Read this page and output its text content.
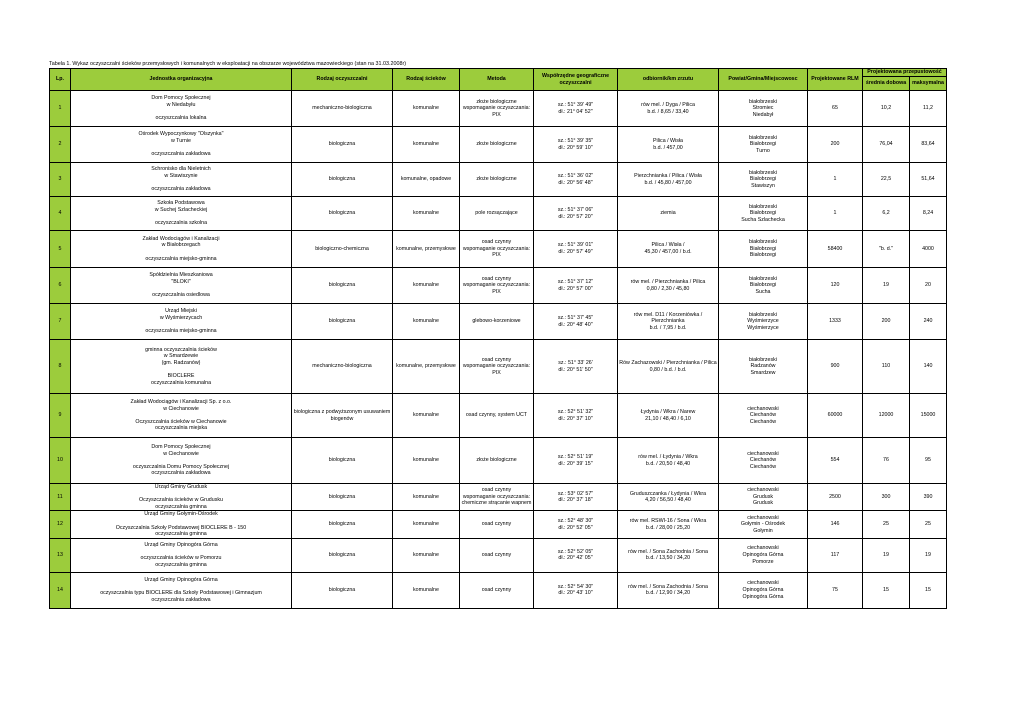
Tabela 1. Wykaz oczyszczalni ścieków przemysłowych i komunalnych w eksploatacji na obszarze województwa mazowieckiego (stan na 31.03.2008r)
Lp.	Jednostka organizacyjna	Rodzaj oczyszczalni	Rodzaj ścieków	Metoda	Współrzędne geograficzne
oczyszczalni	odbiornik/km zrzutu	Powiat/Gmina/Miejscowosc	Projektowane RLM	Projektowana przepustowość	
									średnia dobowa	maksymalna
1	Dom Pomocy Społecznej
w Niedabyłu
oczyszczalnia lokalna	mechaniczno-biologiczna	komunalne	złoże biologiczne
wspomaganie oczyszczania:
PIX	sz.: 51° 39' 49"
dł.: 21° 04' 52"	rów mel. / Dyga / Pilica
b.d. / 8,65 / 33,40	białobrzeski
Stromiec
Niedabył	65	10,2	11,2
2	Ośrodek Wypoczynkowy "Olszynka"
w Turnie
oczyszczalnia zakładowa	biologiczna	komunalne	złoże biologiczne	sz.: 51° 39' 35"
dł.: 20° 59' 10"	Pilica / Wisła
b.d. / 457,00	białobrzeski
Białobrzegi
Turno	200	76,04	83,64
3	Schronisko dla Nieletnich
w Stawiszynie
oczyszczalnia zakładowa	biologiczna	komunalne, opadowe	złoże biologiczne	sz.: 51° 36' 02"
dł.: 20° 56' 48"	Pierzchnianka / Pilica / Wisła
b.d. / 45,80 / 457,00	białobrzeski
Białobrzegi
Stawiszyn	1	22,5	51,64
4	Szkoła Podstawowa
w Suchej Szlacheckiej
oczyszczalnia szkolna	biologiczna	komunalne	pole rozsączające	sz.: 51° 37' 06"
dł.: 20° 57' 20"	ziemia	białobrzeski
Białobrzegi
Sucha Szlachecka	1	6,2	8,24
5	Zakład Wodociągów i Kanalizacji
w Białobrzegach
oczyszczalnia miejsko-gminna	biologiczno-chemiczna	komunalne, przemysłowe	osad czynny
wspomaganie oczyszczania:
PIX	sz.: 51° 39' 01"
dł.: 20° 57' 49"	Pilica / Wisła /
45,30 / 457,00 / b.d.	białobrzeski
Białobrzegi
Białobrzegi	58400	"b. d."	4000
6	Spółdzielnia Mieszkaniowa
"BLOKI"
oczyszczalnia osiedlowa	biologiczna	komunalne	osad czynny
wspomaganie oczyszczania:
PIX	sz.: 51° 37' 12"
dł.: 20° 57' 00"	rów mel. / Pierzchnianka / Pilica
0,80 / 2,30 / 45,80	białobrzeski
Białobrzegi
Sucha	120	19	20
7	Urząd Miejski
w Wyśmierzycach
oczyszczalnia miejsko-gminna	biologiczna	komunalne	glebowo-korzeniowe	sz.: 51° 37' 45"
dł.: 20° 48' 40"	rów mel. D11 / Korzeniówka /
Pierzchnianka
b.d. / 7,95 / b.d.	białobrzeski
Wyśmierzyce
Wyśmierzyce	1333	200	240
8	gminna oczyszczalnia ścieków
w Smardzewie
(gm. Radzanów)
BIOCLERE
oczyszczalnia komunalna	mechaniczno-biologiczna	komunalne, przemysłowe	osad czynny
wspomaganie oczyszczania:
PIX	sz.: 51° 33' 26'
dł.: 20° 51' 50"	Rów Zachazowski / Pierzchnianka / Pilica
0,80 / b.d. / b.d.	białobrzeski
Radzanów
Smardzew	900	110	140
9	Zakład Wodociągów i Kanalizacji Sp. z o.o.
w Ciechanowie
Oczyszczalnia ścieków w Ciechanowie
oczyszczalnia miejska	biologiczna z podwyższonym usuwaniem
biogenów	komunalne	osad czynny, system UCT	sz.: 52° 51' 32"
dł.: 20° 37' 10"	Łydynia / Wkra / Narew
21,10 / 48,40 / 6,10	ciechanowski
Ciechanów
Ciechanów	60000	12000	15000
10	Dom Pomocy Społecznej
w Ciechanowie
oczyszczalnia Domu Pomocy Społecznej
oczyszczalnia zakładowa	biologiczna	komunalne	złoże biologiczne	sz.: 52° 51' 19"
dł.: 20° 39' 15"	rów mel. / Łydynia / Wkra
b.d. / 20,50 / 48,40	ciechanowski
Ciechanów
Ciechanów	554	76	95
11	Urząd Gminy Grudusk
Oczyszczalnia ścieków w Grudusku
oczyszczalnia gminna	biologiczna	komunalne	osad czynny
wspomaganie oczyszczania:
chemiczne strącanie wapnem	sz.: 53° 02' 57"
dł.: 20° 37' 18"	Gruduszczanka / Łydynia / Wkra
4,20 / 56,50 / 48,40	ciechanowski
Grudusk
Grudusk	2500	300	390
12	Urząd Gminy Gołymin-Ośrodek
Oczyszczalnia Szkoły Podstawowej BIOCLERE B - 150
oczyszczalnia gminna	biologiczna	komunalne	osad czynny	sz.: 52° 48' 30"
dł.: 20° 52' 05"	rów mel. RSWI-16 / Sona / Wkra
b.d. / 28,00 / 25,20	ciechanowski
Gołymin - Ośrodek
Gołymin	146	25	25
13	Urząd Gminy Opinogóra Górna
oczyszczalnia ścieków w Pomorzu
oczyszczalnia gminna	biologiczna	komunalne	osad czynny	sz.: 52° 52' 05"
dł.: 20° 42' 05"	rów mel. / Sona Zachodnia / Sona
b.d. / 13,50 / 34,20	ciechanowski
Opinogóra Górna
Pomorze	117	19	19
14	Urząd Gminy Opinogóra Górna
oczyszczalnia typu BIOCLERE dla Szkoły Podstawowej i Gimnazjum
oczyszczalnia zakładowa	biologiczna	komunalne	osad czynny	sz.: 52° 54' 30"
dł.: 20° 43' 10"	rów mel. / Sona Zachodnia / Sona
b.d. / 12,90 / 34,20	ciechanowski
Opinogóra Górna
Opinogóra Górna	75	15	15
